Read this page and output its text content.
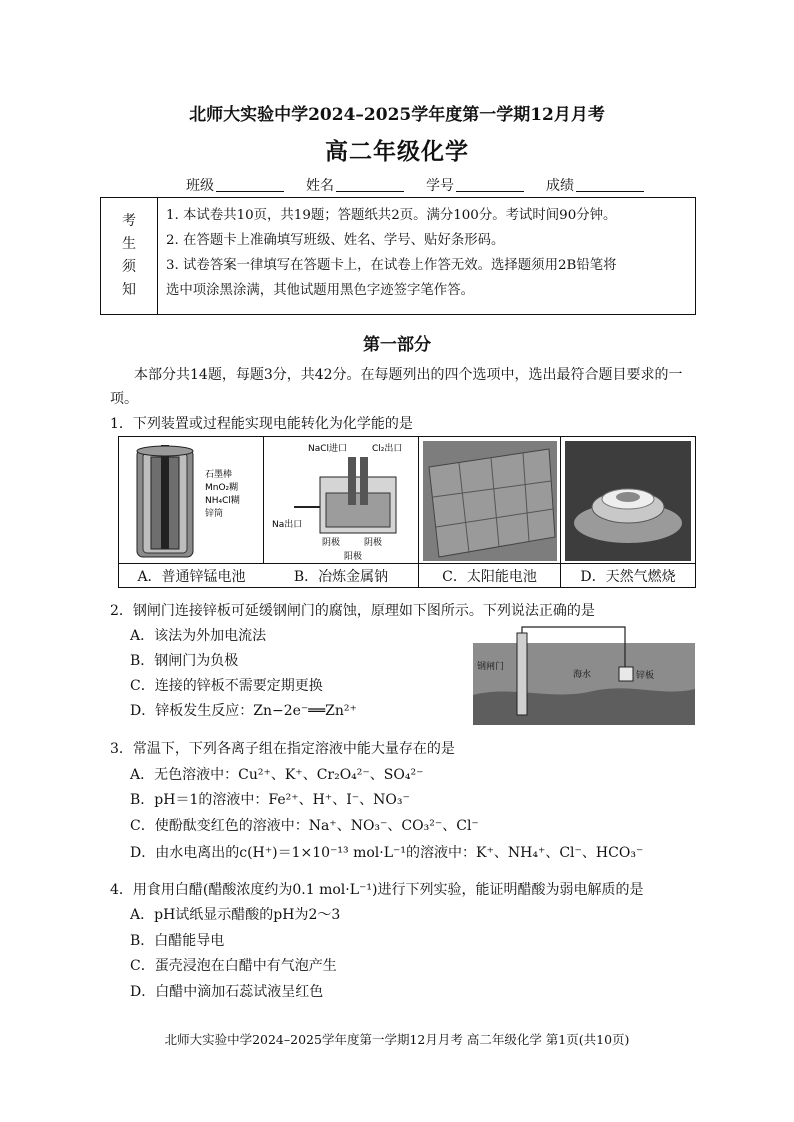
北师大实验中学2024–2025学年度第一学期12月月考
高二年级化学
班级	姓名	学号	成绩
考
生
须
知
1. 本试卷共10页，共19题；答题纸共2页。满分100分。考试时间90分钟。
2. 在答题卡上准确填写班级、姓名、学号、贴好条形码。
3. 试卷答案一律填写在答题卡上，在试卷上作答无效。选择题须用2B铅笔将
选中项涂黑涂满，其他试题用黑色字迹签字笔作答。
第一部分
本部分共14题，每题3分，共42分。在每题列出的四个选项中，选出最符合题目要求的一项。
1．下列装置或过程能实现电能转化为化学能的是
石墨棒
MnO₂糊
NH₄Cl糊
锌筒
NaCl进口	Cl₂出口
Na出口
阴极	阴极
阳极
A．普通锌锰电池	B．冶炼金属钠	C．太阳能电池	D．天然气燃烧
2．钢闸门连接锌板可延缓钢闸门的腐蚀，原理如下图所示。下列说法正确的是
A．该法为外加电流法
B．钢闸门为负极
C．连接的锌板不需要定期更换
D．锌板发生反应：Zn−2e⁻══Zn²⁺
钢闸门
海水	锌板
3．常温下，下列各离子组在指定溶液中能大量存在的是
A．无色溶液中：Cu²⁺、K⁺、Cr₂O₄²⁻、SO₄²⁻
B．pH＝1的溶液中：Fe²⁺、H⁺、I⁻、NO₃⁻
C．使酚酞变红色的溶液中：Na⁺、NO₃⁻、CO₃²⁻、Cl⁻
D．由水电离出的c(H⁺)＝1×10⁻¹³ mol·L⁻¹的溶液中：K⁺、NH₄⁺、Cl⁻、HCO₃⁻
4．用食用白醋(醋酸浓度约为0.1 mol·L⁻¹)进行下列实验，能证明醋酸为弱电解质的是
A．pH试纸显示醋酸的pH为2～3
B．白醋能导电
C．蛋壳浸泡在白醋中有气泡产生
D．白醋中滴加石蕊试液呈红色
北师大实验中学2024–2025学年度第一学期12月月考 高二年级化学 第1页(共10页)
